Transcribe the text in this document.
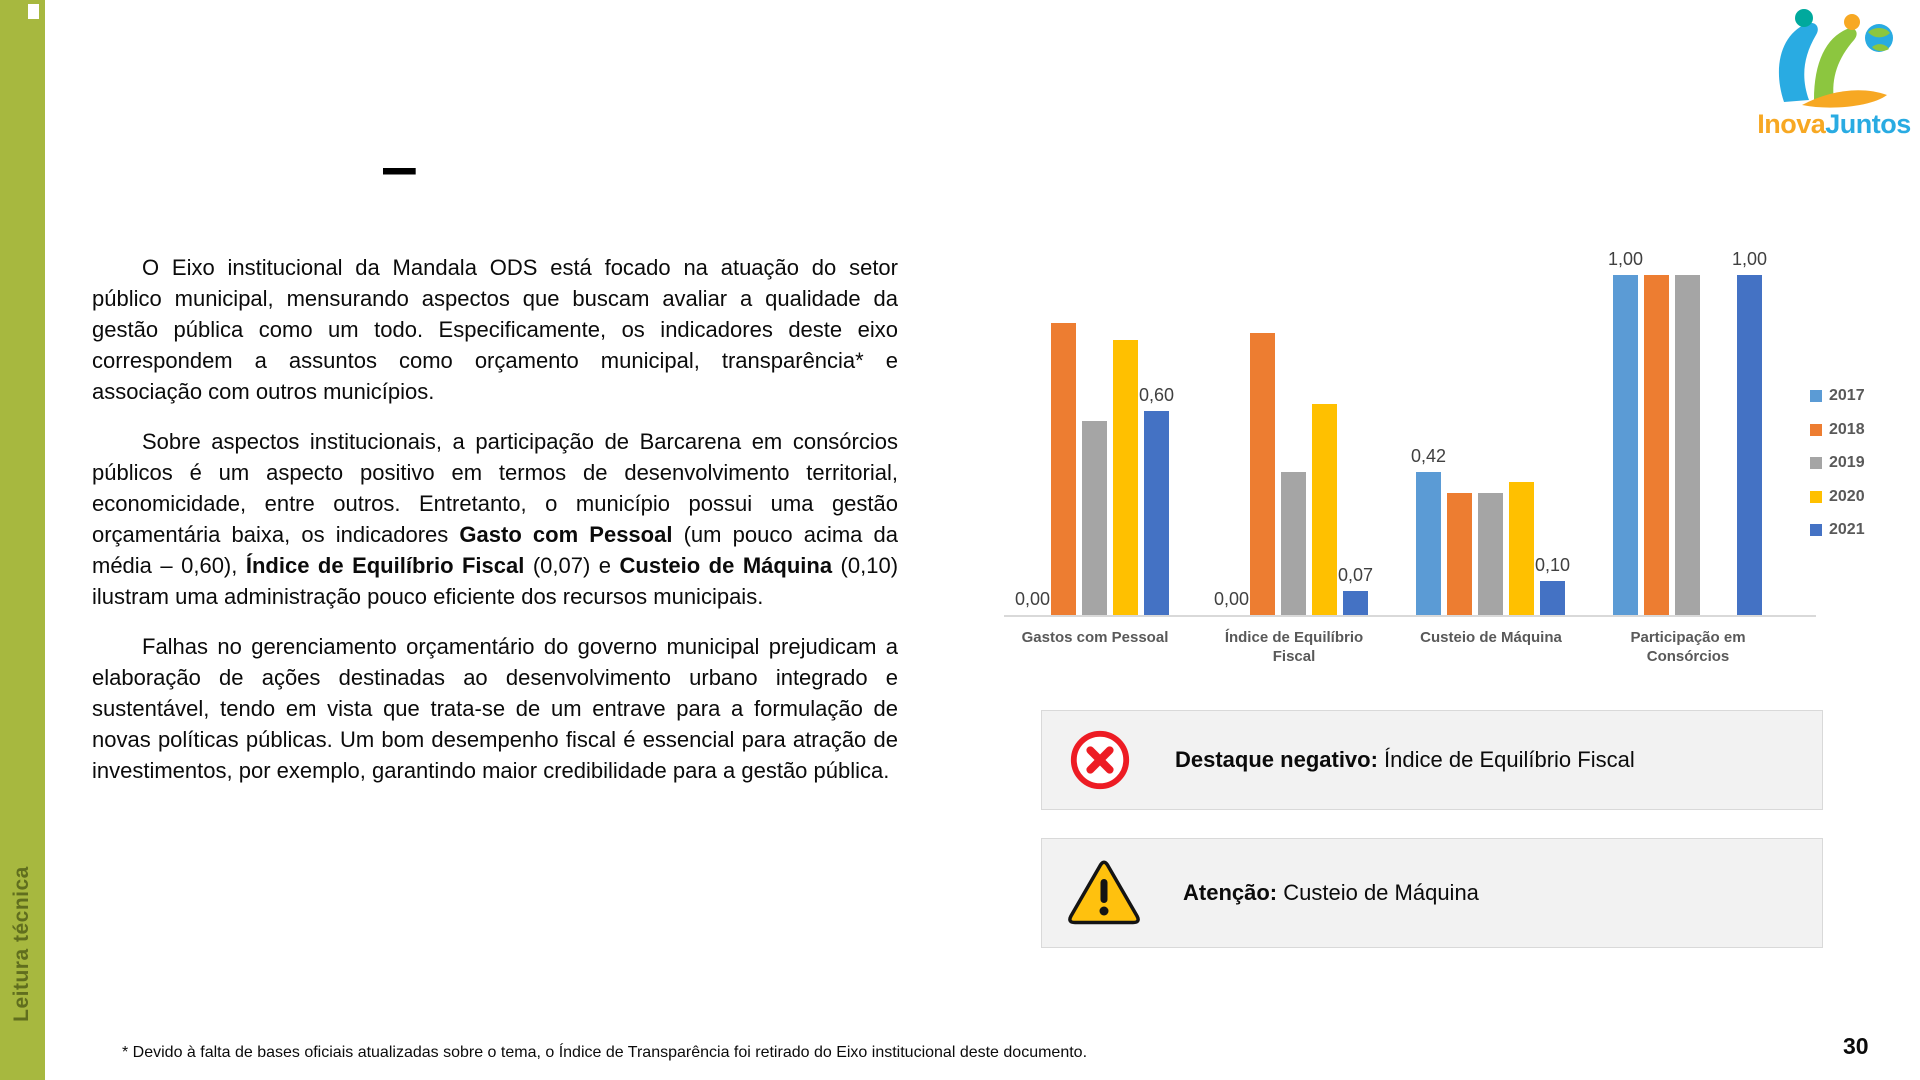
Leitura técnica
–

O Eixo institucional da Mandala ODS está focado na atuação do setor público municipal, mensurando aspectos que buscam avaliar a qualidade da gestão pública como um todo. Especificamente, os indicadores deste eixo correspondem a assuntos como orçamento municipal, transparência* e associação com outros municípios.

Sobre aspectos institucionais, a participação de Barcarena em consórcios públicos é um aspecto positivo em termos de desenvolvimento territorial, economicidade, entre outros. Entretanto, o município possui uma gestão orçamentária baixa, os indicadores Gasto com Pessoal (um pouco acima da média – 0,60), Índice de Equilíbrio Fiscal (0,07) e Custeio de Máquina (0,10) ilustram uma administração pouco eficiente dos recursos municipais.

Falhas no gerenciamento orçamentário do governo municipal prejudicam a elaboração de ações destinadas ao desenvolvimento urbano integrado e sustentável, tendo em vista que trata-se de um entrave para a formulação de novas políticas públicas. Um bom desempenho fiscal é essencial para atração de investimentos, por exemplo, garantindo maior credibilidade para a gestão pública.

InovaJuntos
0,00	0,00
0,42
1,00
0,60
0,07	0,10
1,00
Gastos com Pessoal	Índice de Equilíbrio Fiscal
Custeio de Máquina	Participação em Consórcios
2017
2018
2019
2020
2021
Destaque negativo: Índice de Equilíbrio Fiscal
Atenção: Custeio de Máquina
* Devido à falta de bases oficiais atualizadas sobre o tema, o Índice de Transparência foi retirado do Eixo institucional deste documento.	30
